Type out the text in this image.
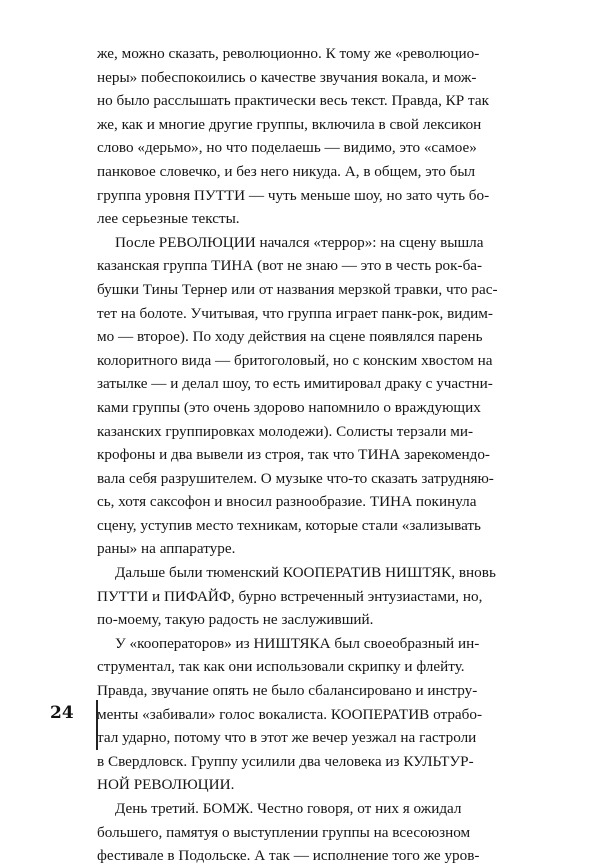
же, можно сказать, революционно. К тому же «революцио-

неры» побеспокоились о качестве звучания вокала, и мож-

но было расслышать практически весь текст. Правда, КР так

же, как и многие другие группы, включила в свой лексикон

слово «дерьмо», но что поделаешь — видимо, это «самое»

панковое словечко, и без него никуда. А, в общем, это был

группа уровня ПУТТИ — чуть меньше шоу, но зато чуть бо-

лее серьезные тексты.

После РЕВОЛЮЦИИ начался «террор»: на сцену вышла

казанская группа ТИНА (вот не знаю — это в честь рок-ба-

бушки Тины Тернер или от названия мерзкой травки, что рас-

тет на болоте. Учитывая, что группа играет панк-рок, видим-

мо — второе). По ходу действия на сцене появлялся парень

колоритного вида — бритоголовый, но с конским хвостом на

затылке — и делал шоу, то есть имитировал драку с участни-

ками группы (это очень здорово напомнило о враждующих

казанских группировках молодежи). Солисты терзали ми-

крофоны и два вывели из строя, так что ТИНА зарекомендо-

вала себя разрушителем. О музыке что-то сказать затрудняю-

сь, хотя саксофон и вносил разнообразие. ТИНА покинула

сцену, уступив место техникам, которые стали «зализывать

раны» на аппаратуре.

Дальше были тюменский КООПЕРАТИВ НИШТЯК, вновь

ПУТТИ и ПИФАЙФ, бурно встреченный энтузиастами, но,

по-моему, такую радость не заслуживший.

У «кооператоров» из НИШТЯКА был своеобразный ин-

струментал, так как они использовали скрипку и флейту.

Правда, звучание опять не было сбалансировано и инстру-

менты «забивали» голос вокалиста. КООПЕРАТИВ отрабо-

тал ударно, потому что в этот же вечер уезжал на гастроли

в Свердловск. Группу усилили два человека из КУЛЬТУР-

НОЙ РЕВОЛЮЦИИ.

День третий. БОМЖ. Честно говоря, от них я ожидал

большего, памятуя о выступлении группы на всесоюзном

фестивале в Подольске. А так — исполнение того же уров-

24
